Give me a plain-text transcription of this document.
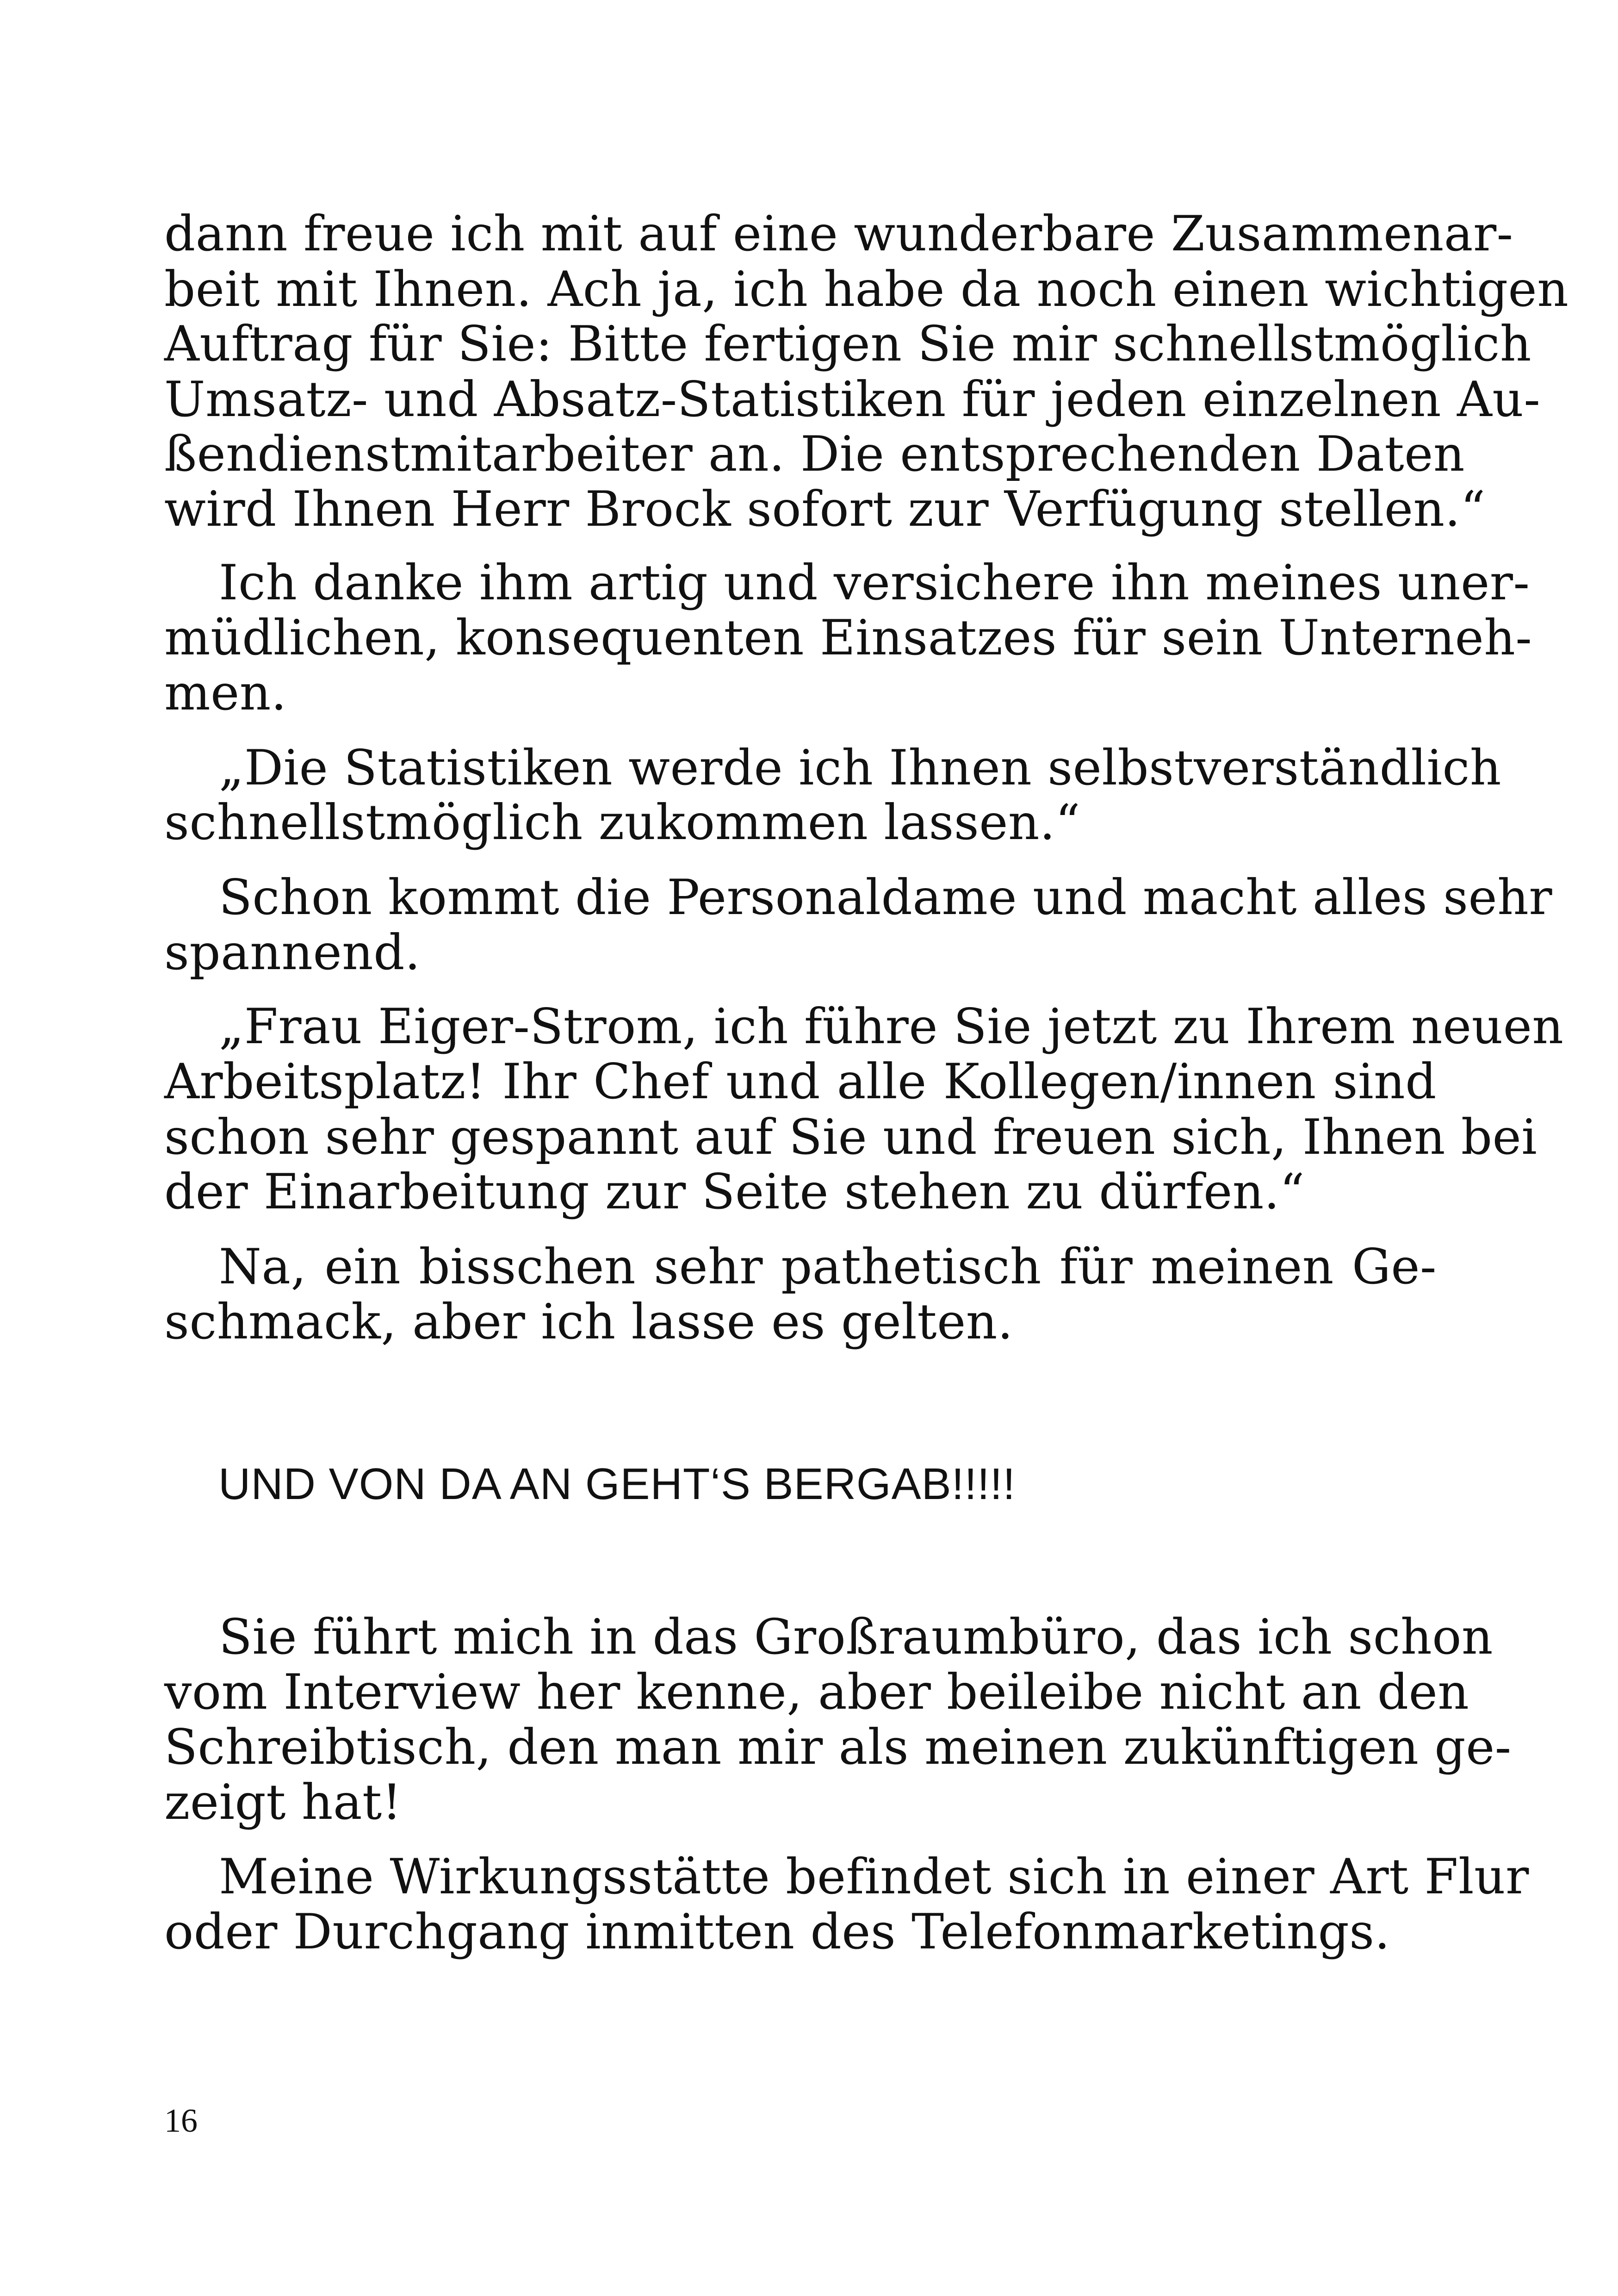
dann freue ich mit auf eine wunderbare Zusammenar-
beit mit Ihnen. Ach ja, ich habe da noch einen wichtigen
Auftrag für Sie: Bitte fertigen Sie mir schnellstmöglich
Umsatz- und Absatz-Statistiken für jeden einzelnen Au-
ßendienstmitarbeiter an. Die entsprechenden Daten
wird Ihnen Herr Brock sofort zur Verfügung stellen.“
Ich danke ihm artig und versichere ihn meines uner-
müdlichen, konsequenten Einsatzes für sein Unterneh-
men.
„Die Statistiken werde ich Ihnen selbstverständlich
schnellstmöglich zukommen lassen.“
Schon kommt die Personaldame und macht alles sehr
spannend.
„Frau Eiger-Strom, ich führe Sie jetzt zu Ihrem neuen
Arbeitsplatz! Ihr Chef und alle Kollegen/innen sind
schon sehr gespannt auf Sie und freuen sich, Ihnen bei
der Einarbeitung zur Seite stehen zu dürfen.“
Na, ein bisschen sehr pathetisch für meinen Ge-
schmack, aber ich lasse es gelten.
UND VON DA AN GEHT‘S BERGAB!!!!!
Sie führt mich in das Großraumbüro, das ich schon
vom Interview her kenne, aber beileibe nicht an den
Schreibtisch, den man mir als meinen zukünftigen ge-
zeigt hat!
Meine Wirkungsstätte befindet sich in einer Art Flur
oder Durchgang inmitten des Telefonmarketings.
16
